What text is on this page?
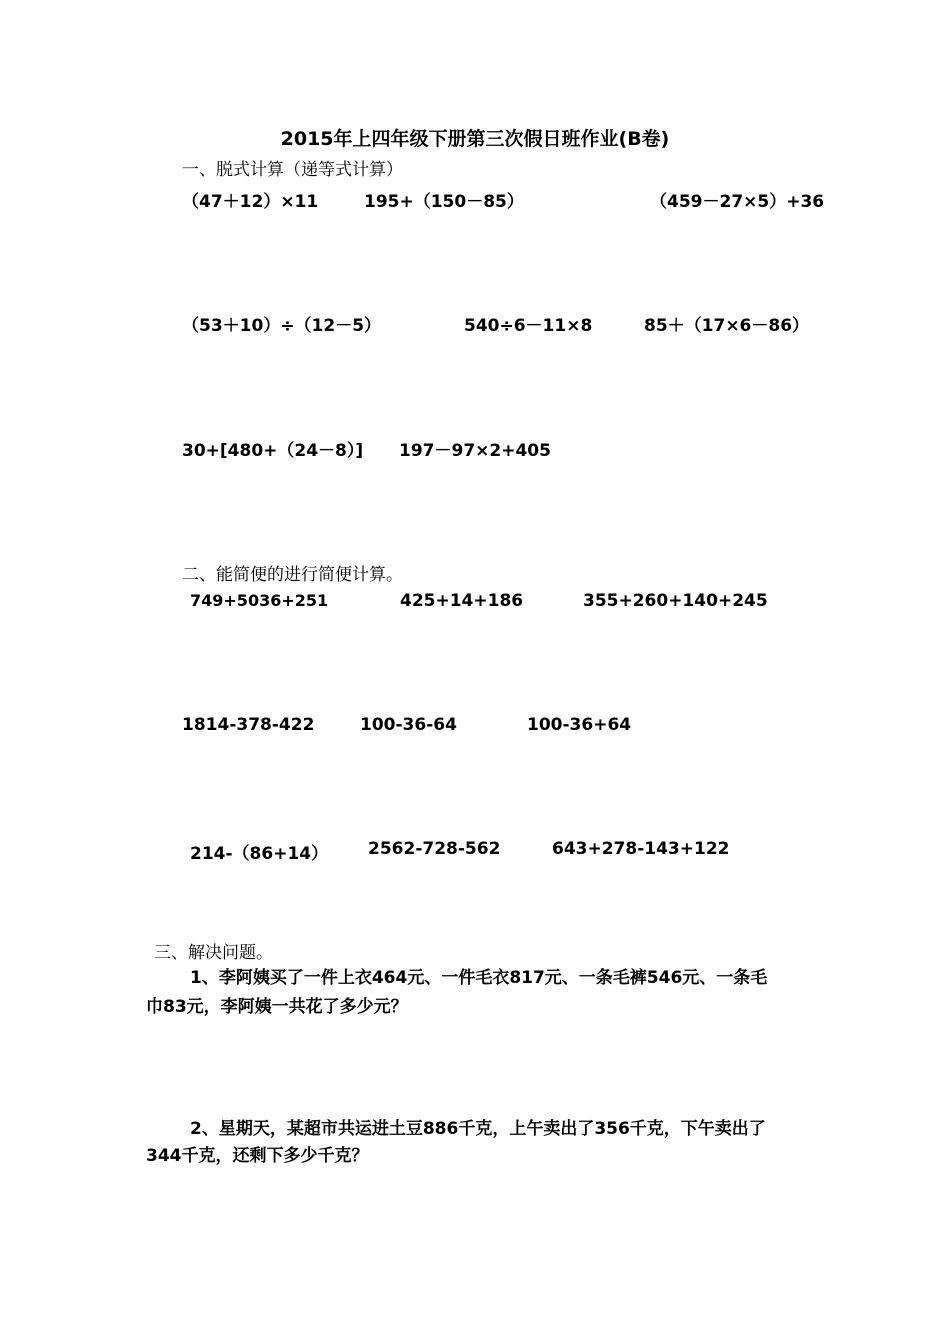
2015年上四年级下册第三次假日班作业(B卷)
一、脱式计算（递等式计算）
（47＋12）×11	195+（150－85）	（459－27×5）+36
（53＋10）÷（12－5）	540÷6－11×8	85＋（17×6－86）
30+[480+（24－8）] 197－97×2+405
二、能简便的进行简便计算。
749+5036+251	425+14+186	355+260+140+245
1814-378-422	100-36-64	100-36+64
214-（86+14） 2562-728-562	643+278-143+122
三、解决问题。
1、李阿姨买了一件上衣464元、一件毛衣817元、一条毛裤546元、一条毛
巾83元，李阿姨一共花了多少元？
2、星期天，某超市共运进土豆886千克，上午卖出了356千克，下午卖出了
344千克，还剩下多少千克？
